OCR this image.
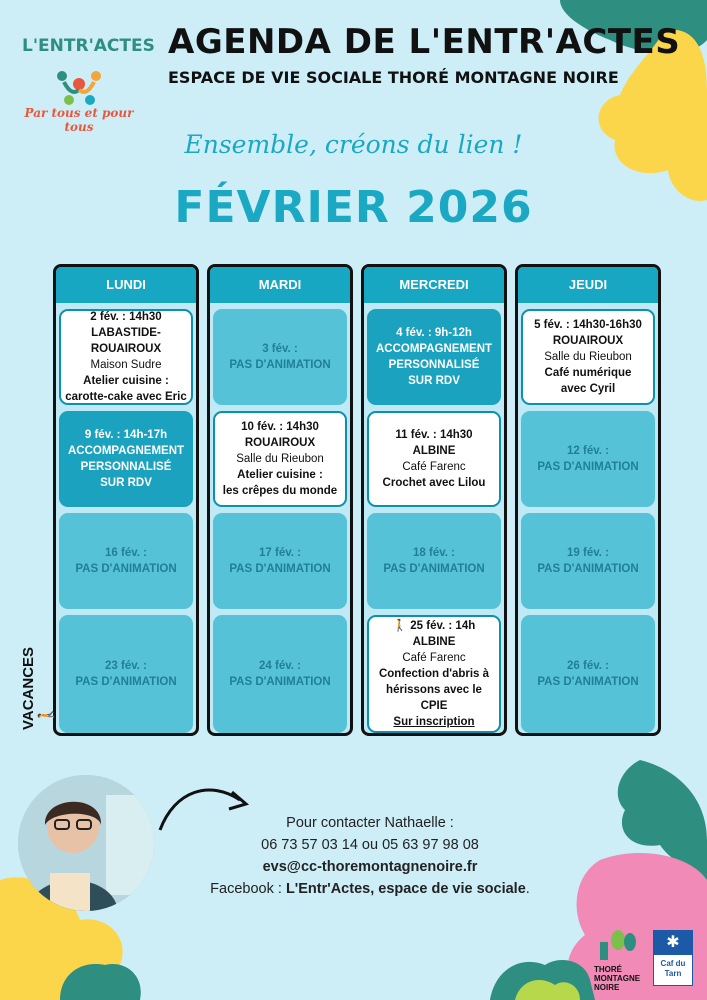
L'ENTR'ACTES
Par tous et pour tous
AGENDA DE L'ENTR'ACTES
ESPACE DE VIE SOCIALE THORÉ MONTAGNE NOIRE
Ensemble, créons du lien !
FÉVRIER 2026
LUNDI
2 fév. : 14h30
LABASTIDE-ROUAIROUX
Maison Sudre
Atelier cuisine :
carotte-cake avec Eric
9 fév. : 14h-17h
ACCOMPAGNEMENT
PERSONNALISÉ
SUR RDV
16 fév. :
PAS D'ANIMATION
23 fév. :
PAS D'ANIMATION
MARDI
3 fév. :
PAS D'ANIMATION
10 fév. : 14h30
ROUAIROUX
Salle du Rieubon
Atelier cuisine :
les crêpes du monde
17 fév. :
PAS D'ANIMATION
24 fév. :
PAS D'ANIMATION
MERCREDI
4 fév. : 9h-12h
ACCOMPAGNEMENT
PERSONNALISÉ
SUR RDV
11 fév. : 14h30
ALBINE
Café Farenc
Crochet avec Lilou
18 fév. :
PAS D'ANIMATION
🚶 25 fév. : 14h
ALBINE
Café Farenc
Confection d'abris à
hérissons avec le CPIE
Sur inscription
JEUDI
5 fév. : 14h30-16h30
ROUAIROUX
Salle du Rieubon
Café numérique
avec Cyril
12 fév. :
PAS D'ANIMATION
19 fév. :
PAS D'ANIMATION
26 fév. :
PAS D'ANIMATION
VACANCES 🚶
Pour contacter Nathaelle :
06 73 57 03 14 ou 05 63 97 98 08
evs@cc-thoremontagnenoire.fr
Facebook : L'Entr'Actes, espace de vie sociale.
THORÉ MONTAGNE NOIRE
✱
Caf du Tarn
